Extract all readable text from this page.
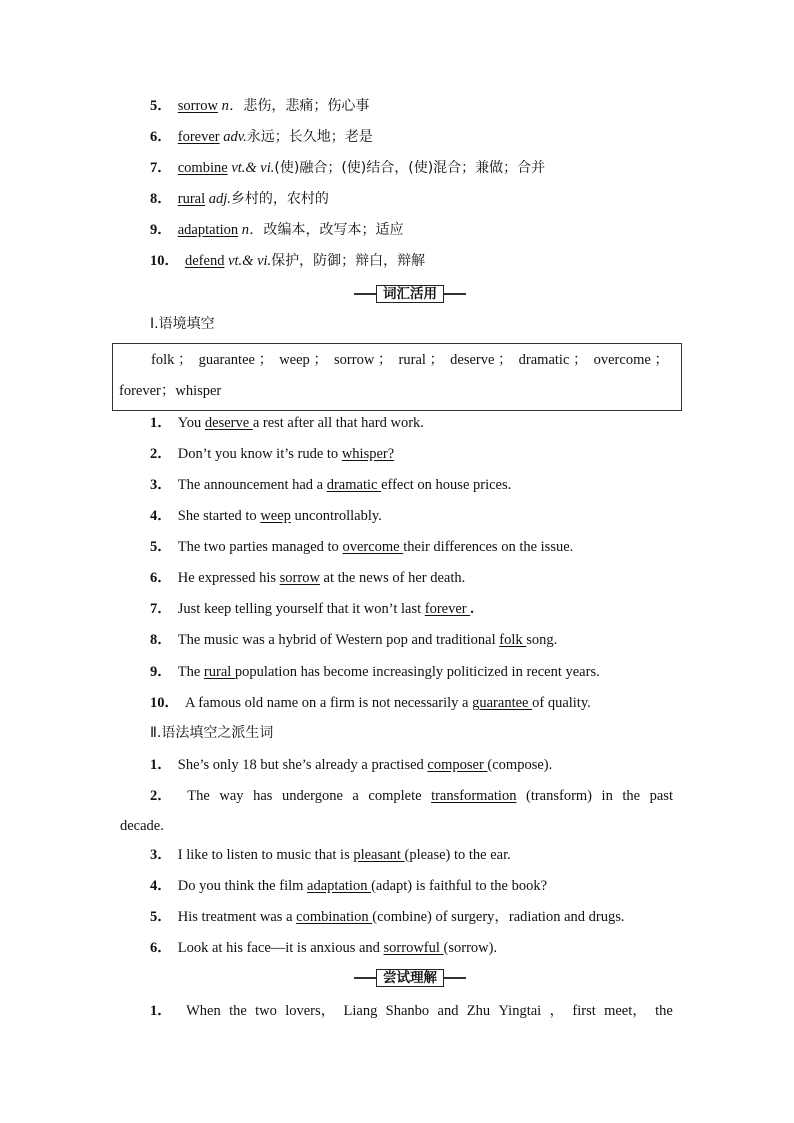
5． sorrow n．悲伤，悲痛；伤心事
6． forever adv.永远；长久地；老是
7． combine vt.& vi.(使)融合；(使)结合，(使)混合；兼做；合并
8． rural adj.乡村的，农村的
9． adaptation n．改编本，改写本；适应
10． defend vt.& vi.保护，防御；辩白，辩解
词汇活用
Ⅰ.语境填空
folk ； guarantee ； weep ； sorrow ； rural ； deserve ； dramatic ； overcome ；
forever；whisper
1． You deserve a rest after all that hard work.
2． Don’t you know it’s rude to whisper?
3． The announcement had a dramatic effect on house prices.
4． She started to weep uncontrollably.
5． The two parties managed to overcome their differences on the issue.
6． He expressed his sorrow at the news of her death.
7． Just keep telling yourself that it won’t last forever .
8． The music was a hybrid of Western pop and traditional folk song.
9． The rural population has become increasingly politicized in recent years.
10． A famous old name on a firm is not necessarily a guarantee of quality.
Ⅱ.语法填空之派生词
1． She’s only 18 but she’s already a practised composer (compose).
2． The way has undergone a complete transformation (transform) in the past
decade.
3． I like to listen to music that is pleasant (please) to the ear.
4． Do you think the film adaptation (adapt) is faithful to the book?
5． His treatment was a combination (combine) of surgery，radiation and drugs.
6． Look at his face—it is anxious and sorrowful (sorrow).
尝试理解
1． When the two lovers， Liang Shanbo and Zhu Yingtai ， first meet， the
